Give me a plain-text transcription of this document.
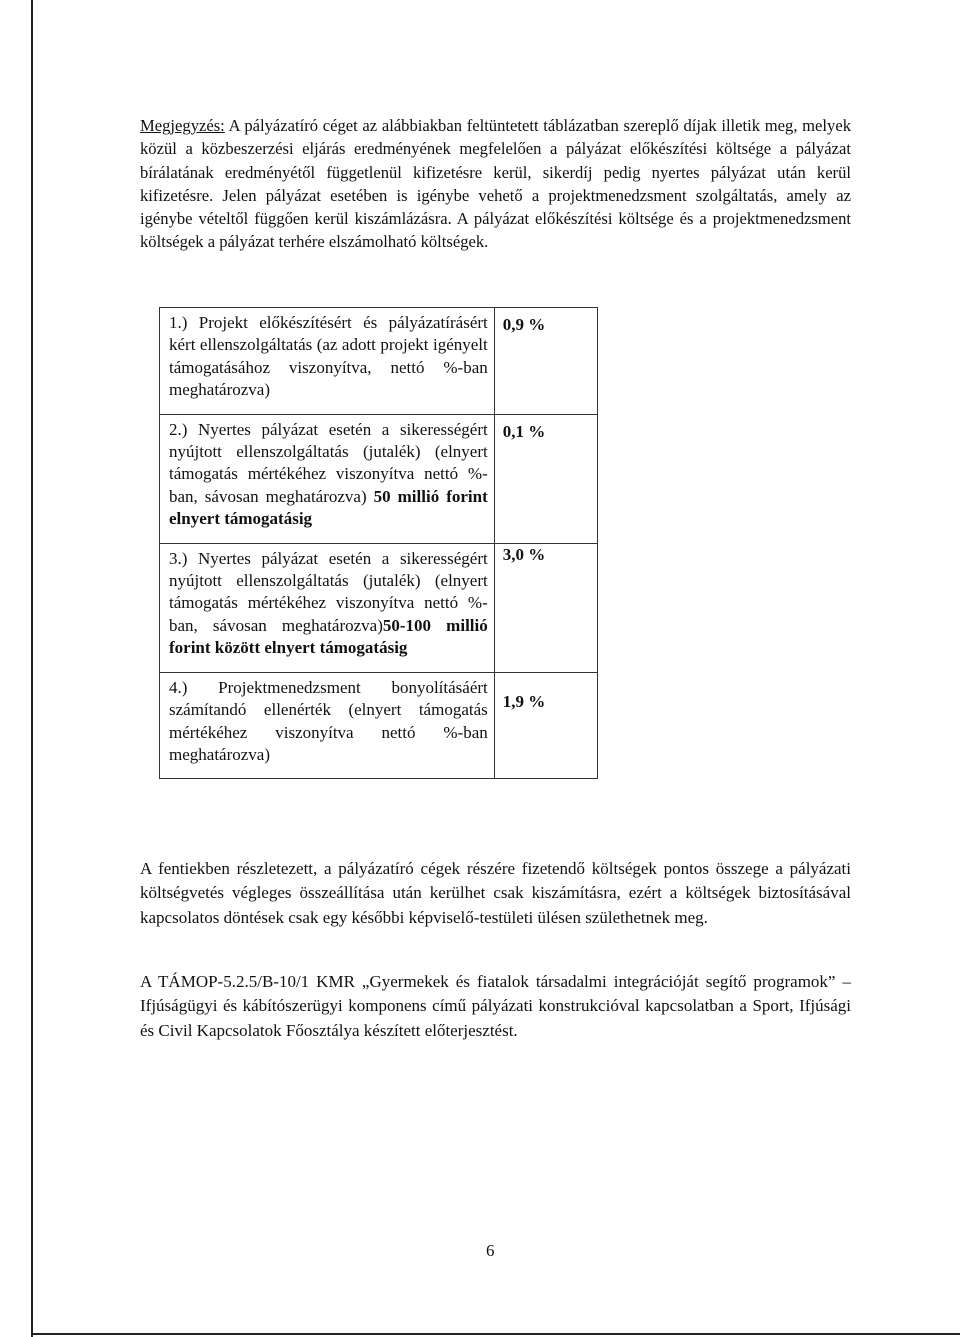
Megjegyzés: A pályázatíró céget az alábbiakban feltüntetett táblázatban szereplő díjak illetik meg, melyek közül a közbeszerzési eljárás eredményének megfelelően a pályázat előkészítési költsége a pályázat bírálatának eredményétől függetlenül kifizetésre kerül, sikerdíj pedig nyertes pályázat után kerül kifizetésre. Jelen pályázat esetében is igénybe vehető a projektmenedzsment szolgáltatás, amely az igénybe vételtől függően kerül kiszámlázásra. A pályázat előkészítési költsége és a projektmenedzsment költségek a pályázat terhére elszámolható költségek.

1.) Projekt előkészítésért és pályázatírásért kért ellenszolgáltatás (az adott projekt igényelt támogatásához viszonyítva, nettó %-ban meghatározva)	0,9 %
2.) Nyertes pályázat esetén a sikerességért nyújtott ellenszolgáltatás (jutalék) (elnyert támogatás mértékéhez viszonyítva nettó %-ban, sávosan meghatározva) 50 millió forint elnyert támogatásig	0,1 %
3.) Nyertes pályázat esetén a sikerességért nyújtott ellenszolgáltatás (jutalék) (elnyert támogatás mértékéhez viszonyítva nettó %-ban, sávosan meghatározva)50-100 millió forint között elnyert támogatásig	3,0 %
4.) Projektmenedzsment bonyolításáért számítandó ellenérték (elnyert támogatás mértékéhez viszonyítva nettó %-ban meghatározva)	1,9 %

A fentiekben részletezett, a pályázatíró cégek részére fizetendő költségek pontos összege a pályázati költségvetés végleges összeállítása után kerülhet csak kiszámításra, ezért a költségek biztosításával kapcsolatos döntések csak egy későbbi képviselő-testületi ülésen születhetnek meg.

A TÁMOP-5.2.5/B-10/1 KMR „Gyermekek és fiatalok társadalmi integrációját segítő programok” – Ifjúságügyi és kábítószerügyi komponens című pályázati konstrukcióval kapcsolatban a Sport, Ifjúsági és Civil Kapcsolatok Főosztálya készített előterjesztést.

6
